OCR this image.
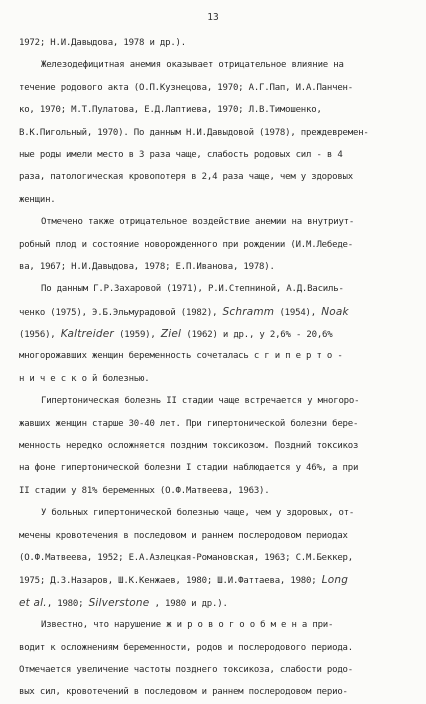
13
1972; Н.И.Давыдова, 1978 и др.).
Железодефицитная анемия оказывает отрицательное влияние на
течение родового акта (О.П.Кузнецова, 1970; А.Г.Пап, И.А.Панчен-
ко, 1970; М.Т.Пулатова, Е.Д.Лаптиева, 1970; Л.В.Тимошенко,
В.К.Пигольный, 1970). По данным Н.И.Давыдовой (1978), преждевремен-
ные роды имели место в 3 раза чаще, слабость родовых сил - в 4
раза, патологическая кровопотеря в 2,4 раза чаще, чем у здоровых
женщин.
Отмечено также отрицательное воздействие анемии на внутриут-
робный плод и состояние новорожденного при рождении (И.М.Лебеде-
ва, 1967; Н.И.Давыдова, 1978; Е.П.Иванова, 1978).
По данным Г.Р.Захаровой (1971), Р.И.Степниной, А.Д.Василь-
ченко (1975), Э.Б.Эльмурадовой (1982), Schramm (1954), Noak
(1956), Kaltreider (1959), Ziel (1962) и др., у 2,6% - 20,6%
многорожавших женщин беременность сочеталась с г и п е р т о -
н и ч е с к о й болезнью.
Гипертоническая болезнь II стадии чаще встречается у многоро-
жавших женщин старше 30-40 лет. При гипертонической болезни бере-
менность нередко осложняется поздним токсикозом. Поздний токсикоз
на фоне гипертонической болезни I стадии наблюдается у 46%, а при
II стадии у 81% беременных (О.Ф.Матвеева, 1963).
У больных гипертонической болезнью чаще, чем у здоровых, от-
мечены кровотечения в последовом и раннем послеродовом периодах
(О.Ф.Матвеева, 1952; Е.А.Азлецкая-Романовская, 1963; С.М.Беккер,
1975; Д.З.Назаров, Ш.К.Кенжаев, 1980; Ш.И.Фаттаева, 1980; Long
et al., 1980; Silverstone , 1980 и др.).
Известно, что нарушение ж и р о в о г о о б м е н а при-
водит к осложнениям беременности, родов и послеродового периода.
Отмечается увеличение частоты позднего токсикоза, слабости родо-
вых сил, кровотечений в последовом и раннем послеродовом перио-
